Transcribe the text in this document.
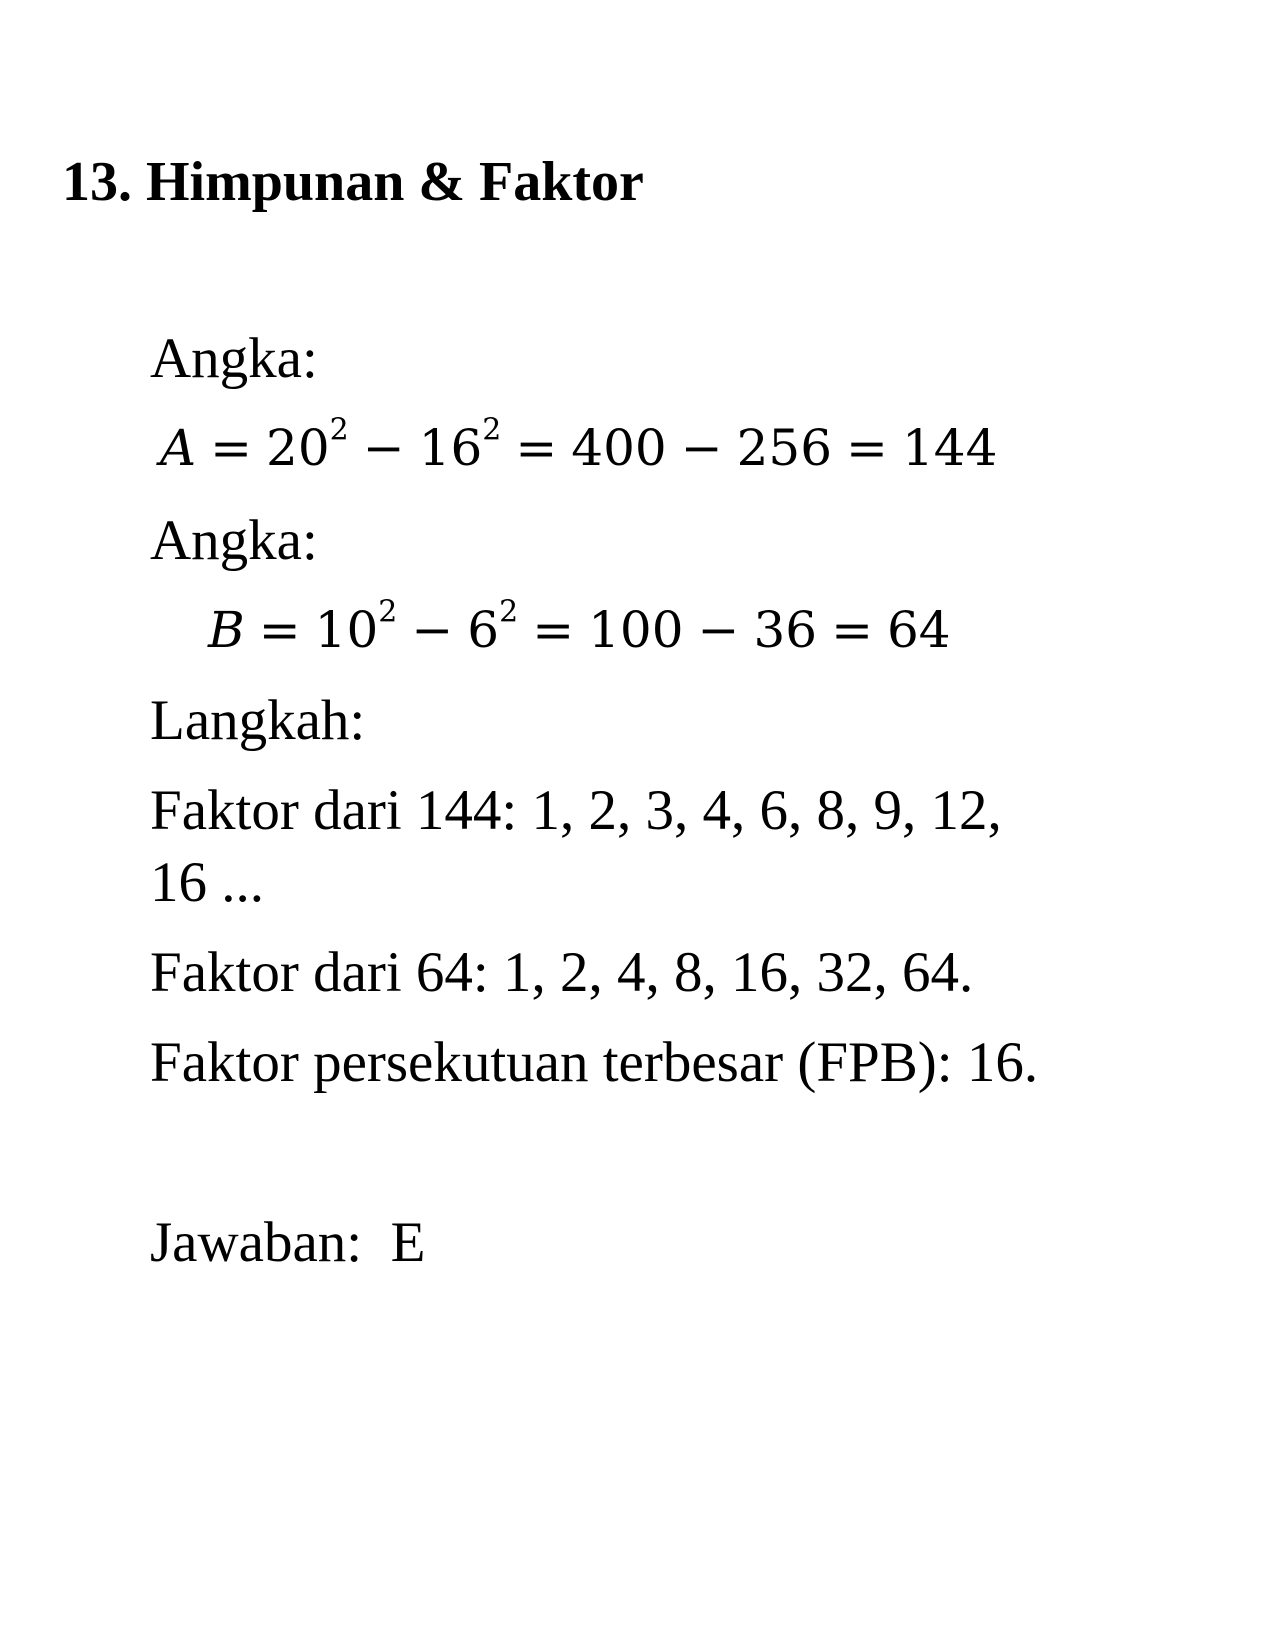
13. Himpunan & Faktor
Angka:
$A = 20^2 - 16^2 = 400 - 256 = 144$
Angka:
$B = 10^2 - 6^2 = 100 - 36 = 64$
Langkah:
Faktor dari 144: 1, 2, 3, 4, 6, 8, 9, 12,
16 ...
Faktor dari 64: 1, 2, 4, 8, 16, 32, 64.
Faktor persekutuan terbesar (FPB): 16.
Jawaban:  E
